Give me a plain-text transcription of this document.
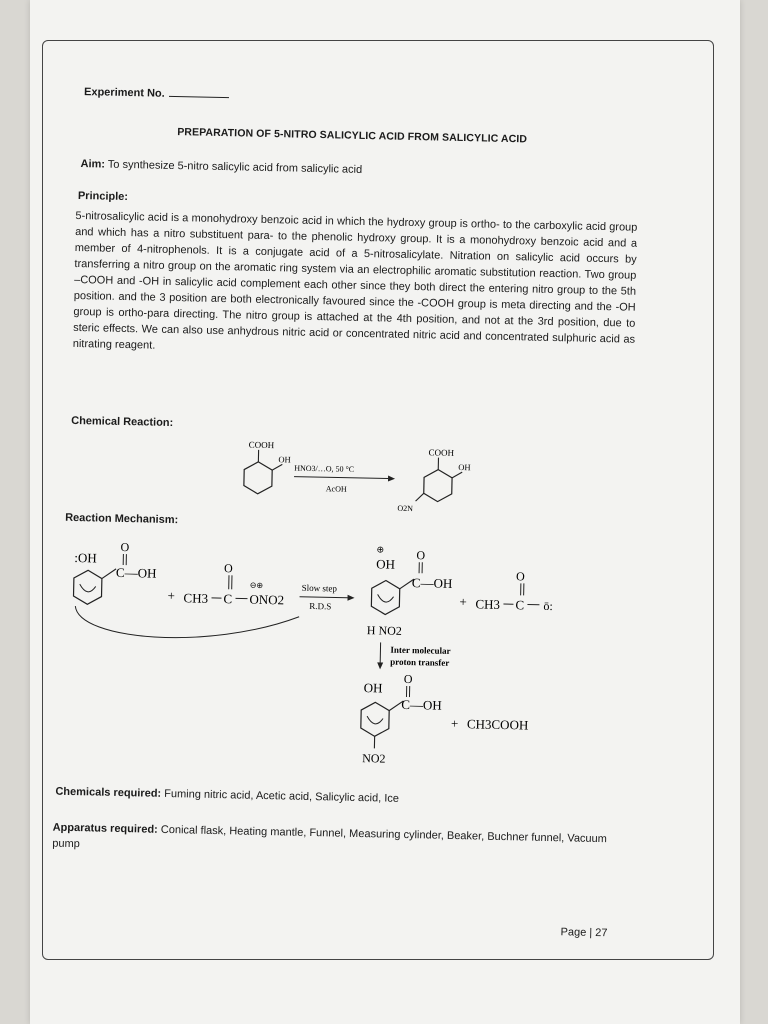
Experiment No.
PREPARATION OF 5-NITRO SALICYLIC ACID FROM SALICYLIC ACID
Aim: To synthesize 5-nitro salicylic acid from salicylic acid
Principle:
5-nitrosalicylic acid is a monohydroxy benzoic acid in which the hydroxy group is ortho- to the carboxylic acid group and which has a nitro substituent para- to the phenolic hydroxy group. It is a monohydroxy benzoic acid and a member of 4-nitrophenols. It is a conjugate acid of a 5-nitrosalicylate. Nitration on salicylic acid occurs by transferring a nitro group on the aromatic ring system via an electrophilic aromatic substitution reaction. Two group –COOH and -OH in salicylic acid complement each other since they both direct the entering nitro group to the 5th position. and the 3 position are both electronically favoured since the -COOH group is meta directing and the -OH group is ortho-para directing. The nitro group is attached at the 4th position, and not at the 3rd position, due to steric effects. We can also use anhydrous nitric acid or concentrated nitric acid and concentrated sulphuric acid as nitrating reagent.
Chemical Reaction:
COOH
OH
HNO3/…O, 50 °C
AcOH
COOH
OH
O2N
Reaction Mechanism:
:OH
O
C—OH
+ CH3 C
O
⊖⊕
ONO2
Slow step
R.D.S
⊕
OH
O
C—OH
H NO2
+ CH3 C
O
ō:
Inter molecular
proton transfer
OH
O
C—OH
NO2
+ CH3COOH
Chemicals required: Fuming nitric acid, Acetic acid, Salicylic acid, Ice
Apparatus required: Conical flask, Heating mantle, Funnel, Measuring cylinder, Beaker, Buchner funnel, Vacuum pump
Page | 27
